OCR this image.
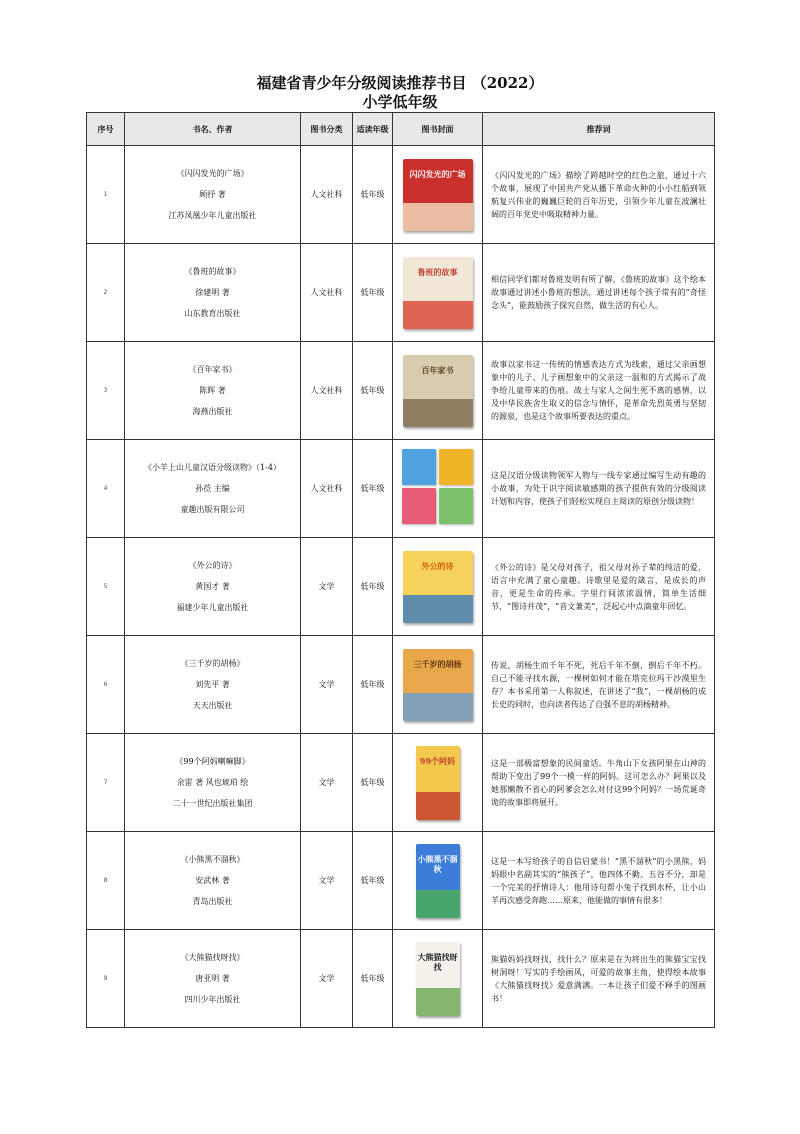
福建省青少年分级阅读推荐书目 （2022）
小学低年级
序号	书名、作者	图书分类	适读年级	图书封面	推荐词
1	《闪闪发光的广场》
顾抒 著
江苏凤凰少年儿童出版社	人文社科	低年级	闪闪发光的广场	《闪闪发光的广场》描绘了跨越时空的红色之旅，通过十六个故事，展现了中国共产党从播下革命火种的小小红船到领航复兴伟业的巍巍巨轮的百年历史，引领少年儿童在波澜壮阔的百年党史中吸取精神力量。
2	《鲁班的故事》
徐建明 著
山东教育出版社	人文社科	低年级	鲁班的故事	相信同学们都对鲁班发明有所了解，《鲁班的故事》这个绘本故事通过讲述小鲁班的想法，通过讲述每个孩子常有的“奇怪念头”，能鼓励孩子探究自然，做生活的有心人。
3	《百年家书》
陈晖 著
海燕出版社	人文社科	低年级	百年家书	故事以家书这一传统的情感表达方式为线索，通过父亲画想象中的儿子、儿子画想象中的父亲这一温和的方式揭示了战争给儿童带来的伤痕。战士与家人之间生死不离的感情，以及中华民族舍生取义的信念与情怀，是革命先烈英勇与坚韧的源泉，也是这个故事所要表达的重点。
4	《小羊上山儿童汉语分级读物》（1-4）
孙莅 主编
童趣出版有限公司	人文社科	低年级		这是汉语分级读物领军人物与一线专家通过编写生动有趣的小故事，为处于识字阅读敏感期的孩子提供有效的分级阅读计划和内容，使孩子们轻松实现自主阅读的原创分级读物！
5	《外公的诗》
黄国才 著
福建少年儿童出版社	文学	低年级	外公的诗	《外公的诗》是父母对孩子，祖父母对孙子辈的纯洁的爱，语言中充满了童心童趣。诗歌里是爱的箴言，是成长的声音，更是生命的传承。字里行间浓浓温情，简单生活细节，“图诗并茂”，“音文兼美”，泛起心中点滴童年回忆。
6	《三千岁的胡杨》
刘先平 著
天天出版社	文学	低年级	三千岁的胡杨	传说，胡杨生而千年不死，死后千年不倒，倒后千年不朽。自己不能寻找水源，一棵树如何才能在塔克拉玛干沙漠里生存？本书采用第一人称叙述，在讲述了“我”，一棵胡杨的成长史的同时，也向读者传达了自强不息的胡杨精神。
7	《99个阿妈喇嘛脚》
余雷 著 风也琥珀 绘
二十一世纪出版社集团	文学	低年级	99个阿妈	这是一部极富想象的民间童话。牛角山下女孩阿果在山神的帮助下变出了99个一模一样的阿妈。这可怎么办？阿果以及她那懒散不省心的阿爹会怎么对付这99个阿妈？一场荒诞奇诡的故事即将展开。
8	《小熊黑不溜秋》
安武林 著
青岛出版社	文学	低年级	小熊黑不溜秋	这是一本写给孩子的自信启蒙书！“黑不溜秋”的小黑熊，妈妈眼中名副其实的“熊孩子”，他四体不勤、五谷不分，却是一个完美的抒情诗人：他用诗句帮小兔子找到水杯，让小山羊再次感受奔跑……原来，他能做的事情有很多！
9	《大熊猫找呀找》
唐亚明 著
四川少年出版社	文学	低年级	大熊猫找呀找	熊猫妈妈找呀找，找什么？原来是在为将出生的熊猫宝宝找树洞呀！写实的手绘画风，可爱的故事主角，使得绘本故事《大熊猫找呀找》爱意满满。一本让孩子们爱不释手的图画书！
